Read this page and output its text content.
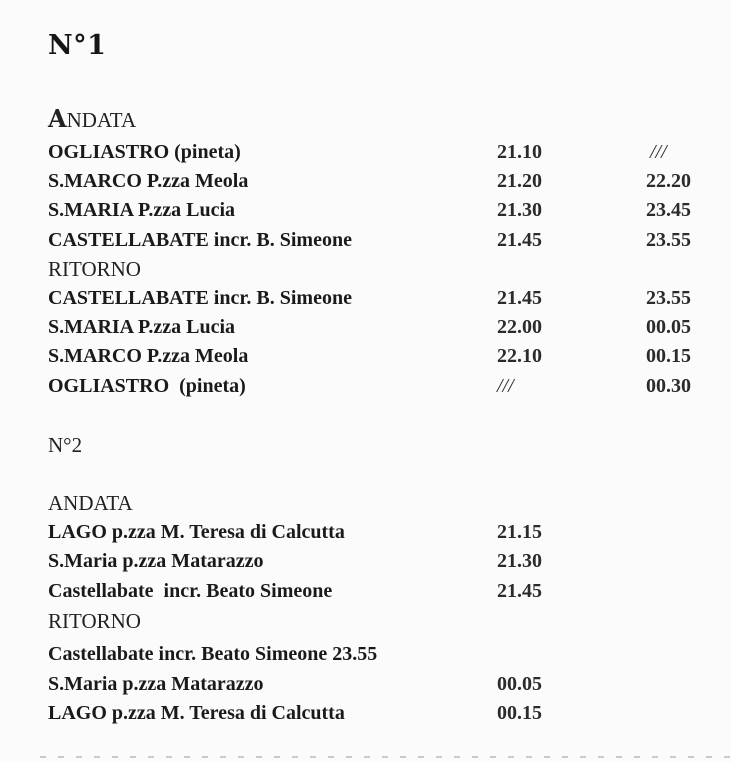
N°1
ANDATA
OGLIASTRO (pineta)	21.10	///
S.MARCO P.zza Meola	21.20	22.20
S.MARIA P.zza Lucia	21.30	23.45
CASTELLABATE incr. B. Simeone	21.45	23.55
RITORNO
CASTELLABATE incr. B. Simeone	21.45	23.55
S.MARIA P.zza Lucia	22.00	00.05
S.MARCO P.zza Meola	22.10	00.15
OGLIASTRO  (pineta)	///	00.30
N°2
ANDATA
LAGO p.zza M. Teresa di Calcutta	21.15
S.Maria p.zza Matarazzo	21.30
Castellabate  incr. Beato Simeone	21.45
RITORNO
Castellabate incr. Beato Simeone 23.55
S.Maria p.zza Matarazzo	00.05
LAGO p.zza M. Teresa di Calcutta	00.15
